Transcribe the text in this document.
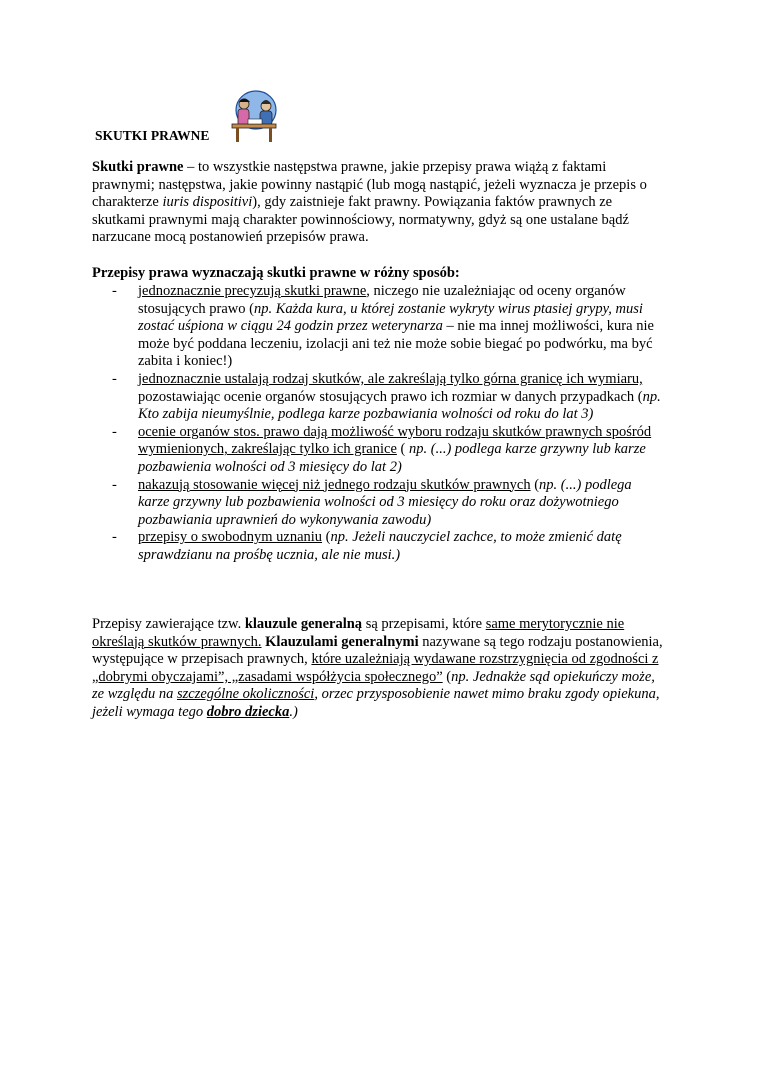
SKUTKI PRAWNE
Skutki prawne – to wszystkie następstwa prawne, jakie przepisy prawa wiążą z faktami prawnymi; następstwa, jakie powinny nastąpić (lub mogą nastąpić, jeżeli wyznacza je przepis o charakterze iuris dispositivi), gdy zaistnieje fakt prawny. Powiązania faktów prawnych ze skutkami prawnymi mają charakter powinnościowy, normatywny, gdyż są one ustalane bądź narzucane mocą postanowień przepisów prawa.
Przepisy prawa wyznaczają skutki prawne w różny sposób:
- jednoznacznie precyzują skutki prawne, niczego nie uzależniając od oceny organów stosujących prawo (np. Każda kura, u której zostanie wykryty wirus ptasiej grypy, musi zostać uśpiona w ciągu 24 godzin przez weterynarza – nie ma innej możliwości, kura nie może być poddana leczeniu, izolacji ani też nie może sobie biegać po podwórku, ma być zabita i koniec!)
- jednoznacznie ustalają rodzaj skutków, ale zakreślają tylko górna granicę ich wymiaru, pozostawiając ocenie organów stosujących prawo ich rozmiar w danych przypadkach (np. Kto zabija nieumyślnie, podlega karze pozbawiania wolności od roku do lat 3)
- ocenie organów stos. prawo dają możliwość wyboru rodzaju skutków prawnych spośród wymienionych, zakreślając tylko ich granice ( np. (...) podlega karze grzywny lub karze pozbawienia wolności od 3 miesięcy do lat 2)
- nakazują stosowanie więcej niż jednego rodzaju skutków prawnych (np. (...) podlega karze grzywny lub pozbawienia wolności od 3 miesięcy do roku oraz dożywotniego pozbawiania uprawnień do wykonywania zawodu)
- przepisy o swobodnym uznaniu (np. Jeżeli nauczyciel zachce, to może zmienić datę sprawdzianu na prośbę ucznia, ale nie musi.)
Przepisy zawierające tzw. klauzule generalną są przepisami, które same merytorycznie nie określają skutków prawnych. Klauzulami generalnymi nazywane są tego rodzaju postanowienia, występujące w przepisach prawnych, które uzależniają wydawane rozstrzygnięcia od zgodności z „dobrymi obyczajami”, „zasadami współżycia społecznego” (np. Jednakże sąd opiekuńczy może, ze względu na szczególne okoliczności, orzec przysposobienie nawet mimo braku zgody opiekuna, jeżeli wymaga tego dobro dziecka.)
